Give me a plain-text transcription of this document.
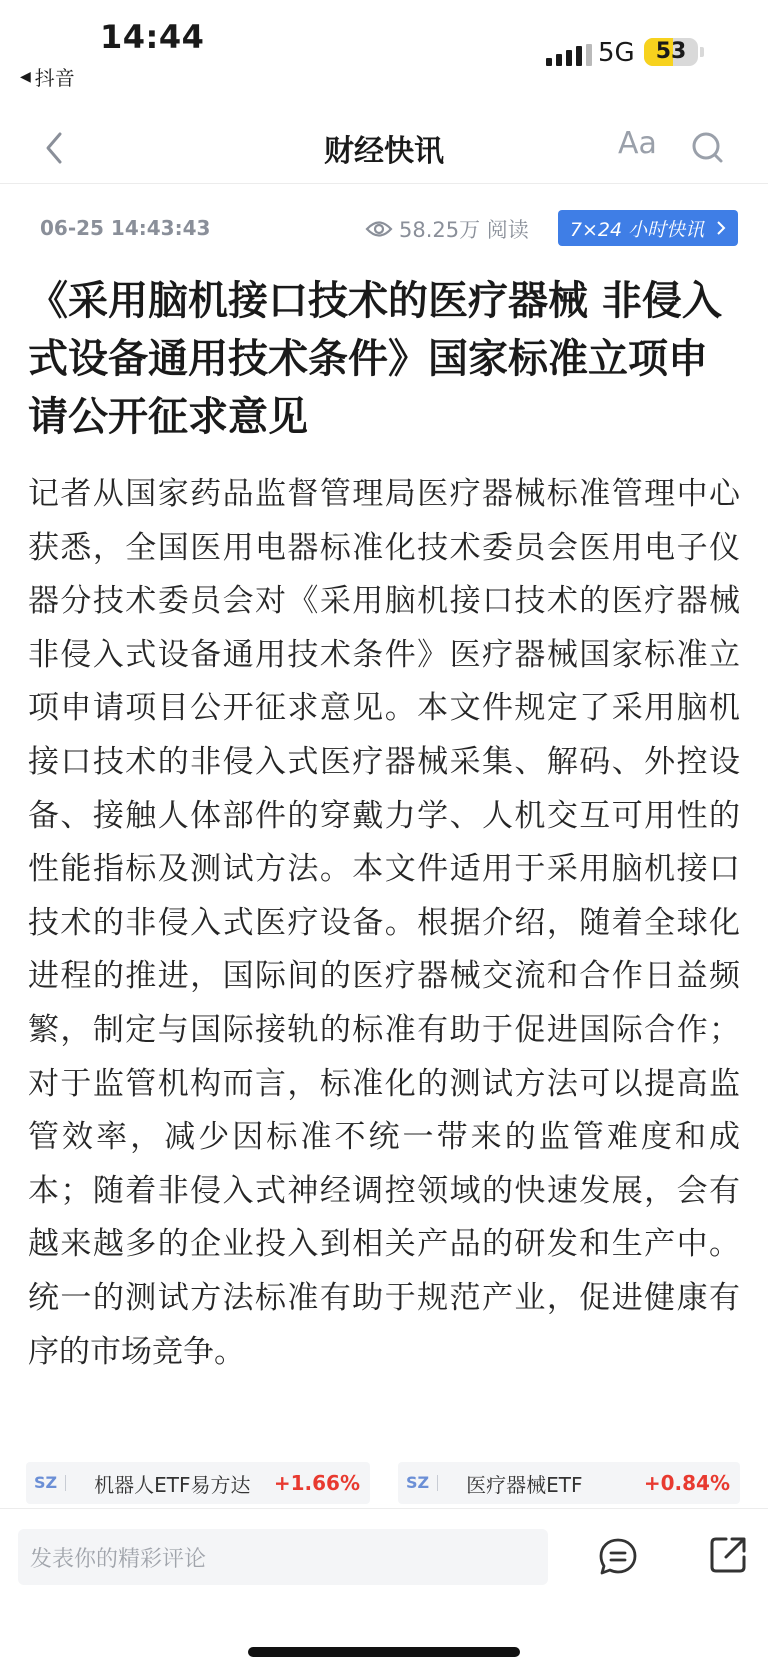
14:44
◀ 抖音
5G 53
财经快讯	Aa
06-25 14:43:43	58.25万 阅读 7×24 小时快讯
《采用脑机接口技术的医疗器械 非侵入式设备通用技术条件》国家标准立项申请公开征求意见
记者从国家药品监督管理局医疗器械标准管理中心获悉，全国医用电器标准化技术委员会医用电子仪器分技术委员会对《采用脑机接口技术的医疗器械 非侵入式设备通用技术条件》医疗器械国家标准立项申请项目公开征求意见。本文件规定了采用脑机接口技术的非侵入式医疗器械采集、解码、外控设备、接触人体部件的穿戴力学、人机交互可用性的性能指标及测试方法。本文件适用于采用脑机接口技术的非侵入式医疗设备。根据介绍，随着全球化进程的推进，国际间的医疗器械交流和合作日益频繁，制定与国际接轨的标准有助于促进国际合作；对于监管机构而言，标准化的测试方法可以提高监管效率，减少因标准不统一带来的监管难度和成本；随着非侵入式神经调控领域的快速发展，会有越来越多的企业投入到相关产品的研发和生产中。统一的测试方法标准有助于规范产业，促进健康有序的市场竞争。
SZ	机器人ETF易方达	+1.66%	SZ	医疗器械ETF	+0.84%
发表你的精彩评论
